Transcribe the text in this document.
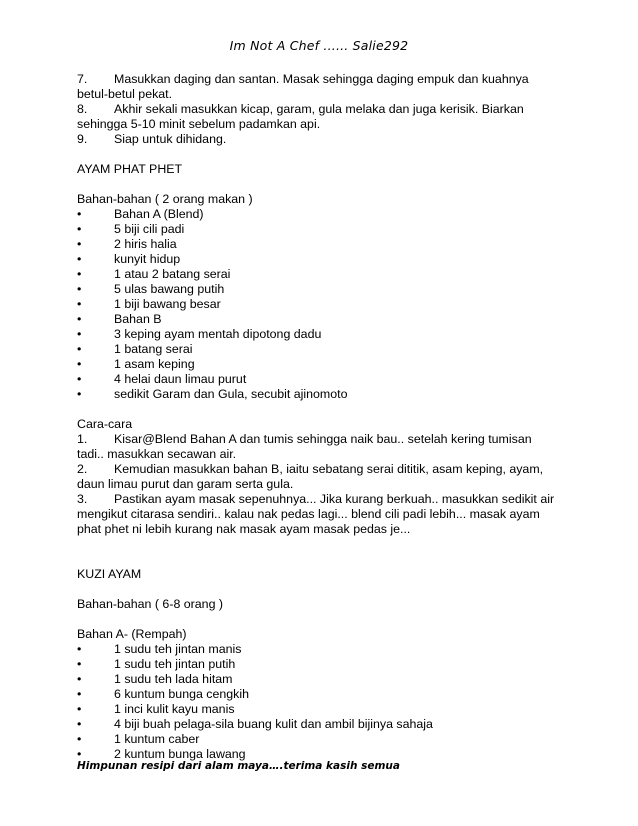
Im Not A Chef ...... Salie292

7. Masukkan daging dan santan. Masak sehingga daging empuk dan kuahnya

betul-betul pekat.

8. Akhir sekali masukkan kicap, garam, gula melaka dan juga kerisik. Biarkan

sehingga 5-10 minit sebelum padamkan api.

9. Siap untuk dihidang.

AYAM PHAT PHET

Bahan-bahan ( 2 orang makan )

•	Bahan A (Blend)

•	5 biji cili padi

•	2 hiris halia

•	kunyit hidup

•	1 atau 2 batang serai

•	5 ulas bawang putih

•	1 biji bawang besar

•	Bahan B

•	3 keping ayam mentah dipotong dadu

•	1 batang serai

•	1 asam keping

•	4 helai daun limau purut

•	sedikit Garam dan Gula, secubit ajinomoto

Cara-cara

1. Kisar@Blend Bahan A dan tumis sehingga naik bau.. setelah kering tumisan

tadi.. masukkan secawan air.

2. Kemudian masukkan bahan B, iaitu sebatang serai dititik, asam keping, ayam,

daun limau purut dan garam serta gula.

3. Pastikan ayam masak sepenuhnya... Jika kurang berkuah.. masukkan sedikit air

mengikut citarasa sendiri.. kalau nak pedas lagi... blend cili padi lebih... masak ayam

phat phet ni lebih kurang nak masak ayam masak pedas je...

KUZI AYAM

Bahan-bahan ( 6-8 orang )

Bahan A- (Rempah)

•	1 sudu teh jintan manis

•	1 sudu teh jintan putih

•	1 sudu teh lada hitam

•	6 kuntum bunga cengkih

•	1 inci kulit kayu manis

•	4 biji buah pelaga-sila buang kulit dan ambil bijinya sahaja

•	1 kuntum caber

•	2 kuntum bunga lawang

Himpunan resipi dari alam maya….terima kasih semua
